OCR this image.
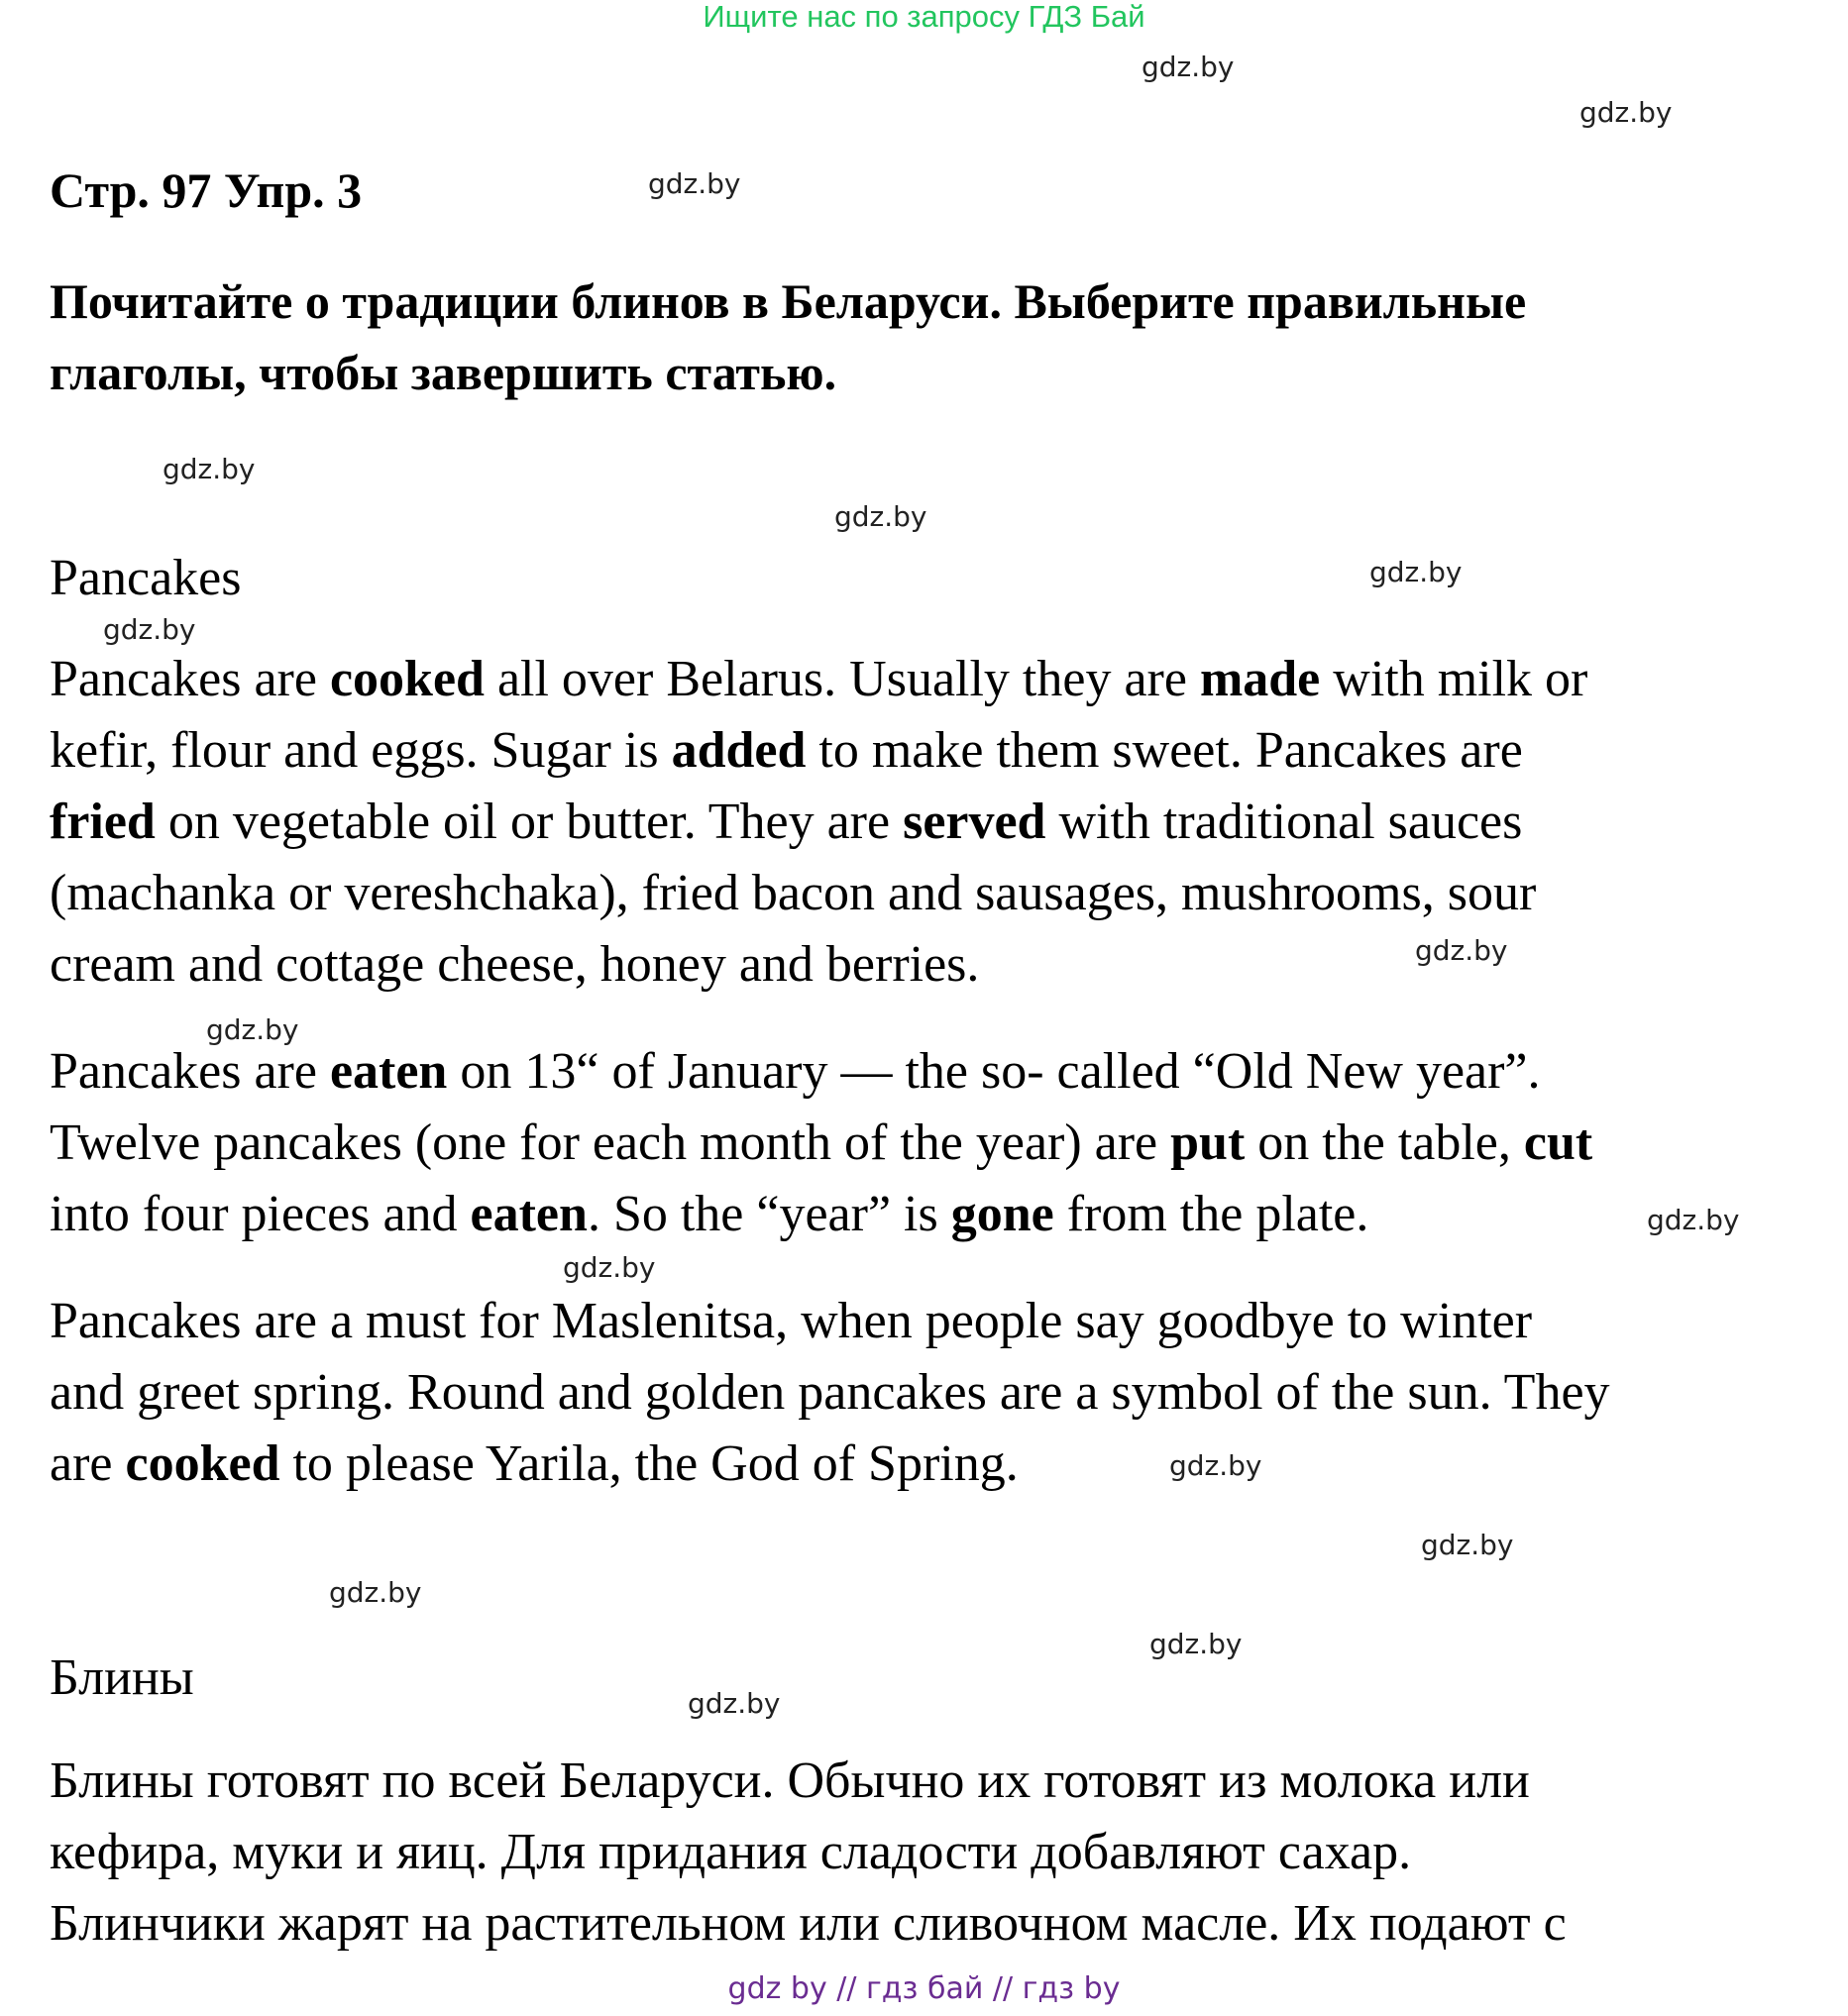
Ищите нас по запросу ГДЗ Бай
gdz.by
gdz.by
gdz.by
gdz.by
gdz.by
gdz.by
gdz.by
gdz.by
gdz.by
gdz.by
gdz.by
gdz.by
gdz.by
gdz.by
gdz.by
gdz.by
Стр. 97 Упр. 3
Почитайте о традиции блинов в Беларуси. Выберите правильные
глаголы, чтобы завершить статью.
Pancakes
Pancakes are cooked all over Belarus. Usually they are made with milk or
kefir, flour and eggs. Sugar is added to make them sweet. Pancakes are
fried on vegetable oil or butter. They are served with traditional sauces
(machanka or vereshchaka), fried bacon and sausages, mushrooms, sour
cream and cottage cheese, honey and berries.
Pancakes are eaten on 13“ of January — the so- called “Old New year”.
Twelve pancakes (one for each month of the year) are put on the table, cut
into four pieces and eaten. So the “year” is gone from the plate.
Pancakes are a must for Maslenitsa, when people say goodbye to winter
and greet spring. Round and golden pancakes are a symbol of the sun. They
are cooked to please Yarila, the God of Spring.
Блины
Блины готовят по всей Беларуси. Обычно их готовят из молока или
кефира, муки и яиц. Для придания сладости добавляют сахар.
Блинчики жарят на растительном или сливочном масле. Их подают с
gdz by // гдз бай // гдз by
